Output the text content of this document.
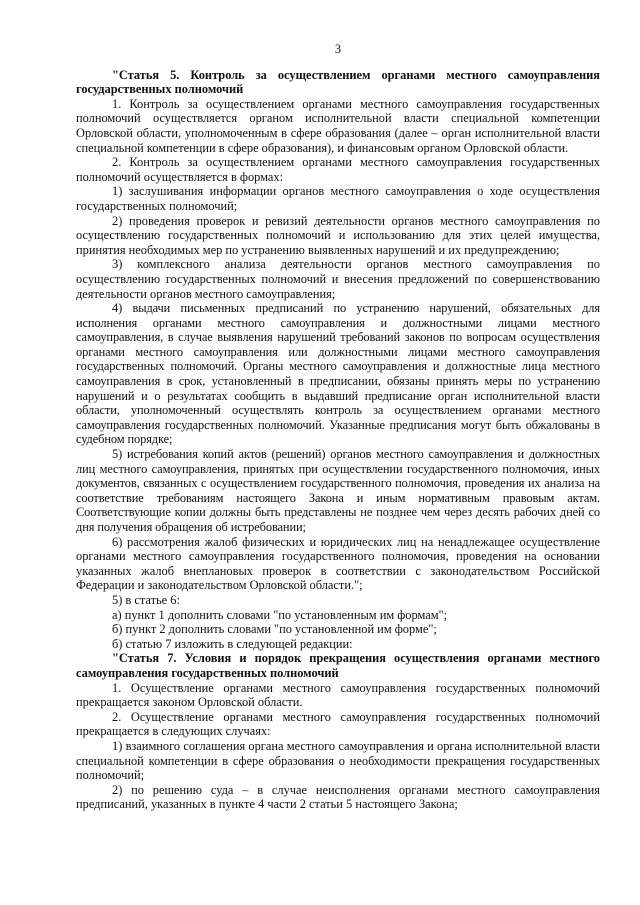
3

"Статья 5. Контроль за осуществлением органами местного самоуправления государственных полномочий

1. Контроль за осуществлением органами местного самоуправления государственных полномочий осуществляется органом исполнительной власти специальной компетенции Орловской области, уполномоченным в сфере образования (далее – орган исполнительной власти специальной компетенции в сфере образования), и финансовым органом Орловской области.

2. Контроль за осуществлением органами местного самоуправления государственных полномочий осуществляется в формах:

1) заслушивания информации органов местного самоуправления о ходе осуществления государственных полномочий;

2) проведения проверок и ревизий деятельности органов местного самоуправления по осуществлению государственных полномочий и использованию для этих целей имущества, принятия необходимых мер по устранению выявленных нарушений и их предупреждению;

3) комплексного анализа деятельности органов местного самоуправления по осуществлению государственных полномочий и внесения предложений по совершенствованию деятельности органов местного самоуправления;

4) выдачи письменных предписаний по устранению нарушений, обязательных для исполнения органами местного самоуправления и должностными лицами местного самоуправления, в случае выявления нарушений требований законов по вопросам осуществления органами местного самоуправления или должностными лицами местного самоуправления государственных полномочий. Органы местного самоуправления и должностные лица местного самоуправления в срок, установленный в предписании, обязаны принять меры по устранению нарушений и о результатах сообщить в выдавший предписание орган исполнительной власти области, уполномоченный осуществлять контроль за осуществлением органами местного самоуправления государственных полномочий. Указанные предписания могут быть обжалованы в судебном порядке;

5) истребования копий актов (решений) органов местного самоуправления и должностных лиц местного самоуправления, принятых при осуществлении государственного полномочия, иных документов, связанных с осуществлением государственного полномочия, проведения их анализа на соответствие требованиям настоящего Закона и иным нормативным правовым актам. Соответствующие копии должны быть представлены не позднее чем через десять рабочих дней со дня получения обращения об истребовании;

6) рассмотрения жалоб физических и юридических лиц на ненадлежащее осуществление органами местного самоуправления государственного полномочия, проведения на основании указанных жалоб внеплановых проверок в соответствии с законодательством Российской Федерации и законодательством Орловской области.";

5) в статье 6:

а) пункт 1 дополнить словами "по установленным им формам";

б) пункт 2 дополнить словами "по установленной им форме";

б) статью 7 изложить в следующей редакции:

"Статья 7. Условия и порядок прекращения осуществления органами местного самоуправления государственных полномочий

1. Осуществление органами местного самоуправления государственных полномочий прекращается законом Орловской области.

2. Осуществление органами местного самоуправления государственных полномочий прекращается в следующих случаях:

1) взаимного соглашения органа местного самоуправления и органа исполнительной власти специальной компетенции в сфере образования о необходимости прекращения государственных полномочий;

2) по решению суда – в случае неисполнения органами местного самоуправления предписаний, указанных в пункте 4 части 2 статьи 5 настоящего Закона;
